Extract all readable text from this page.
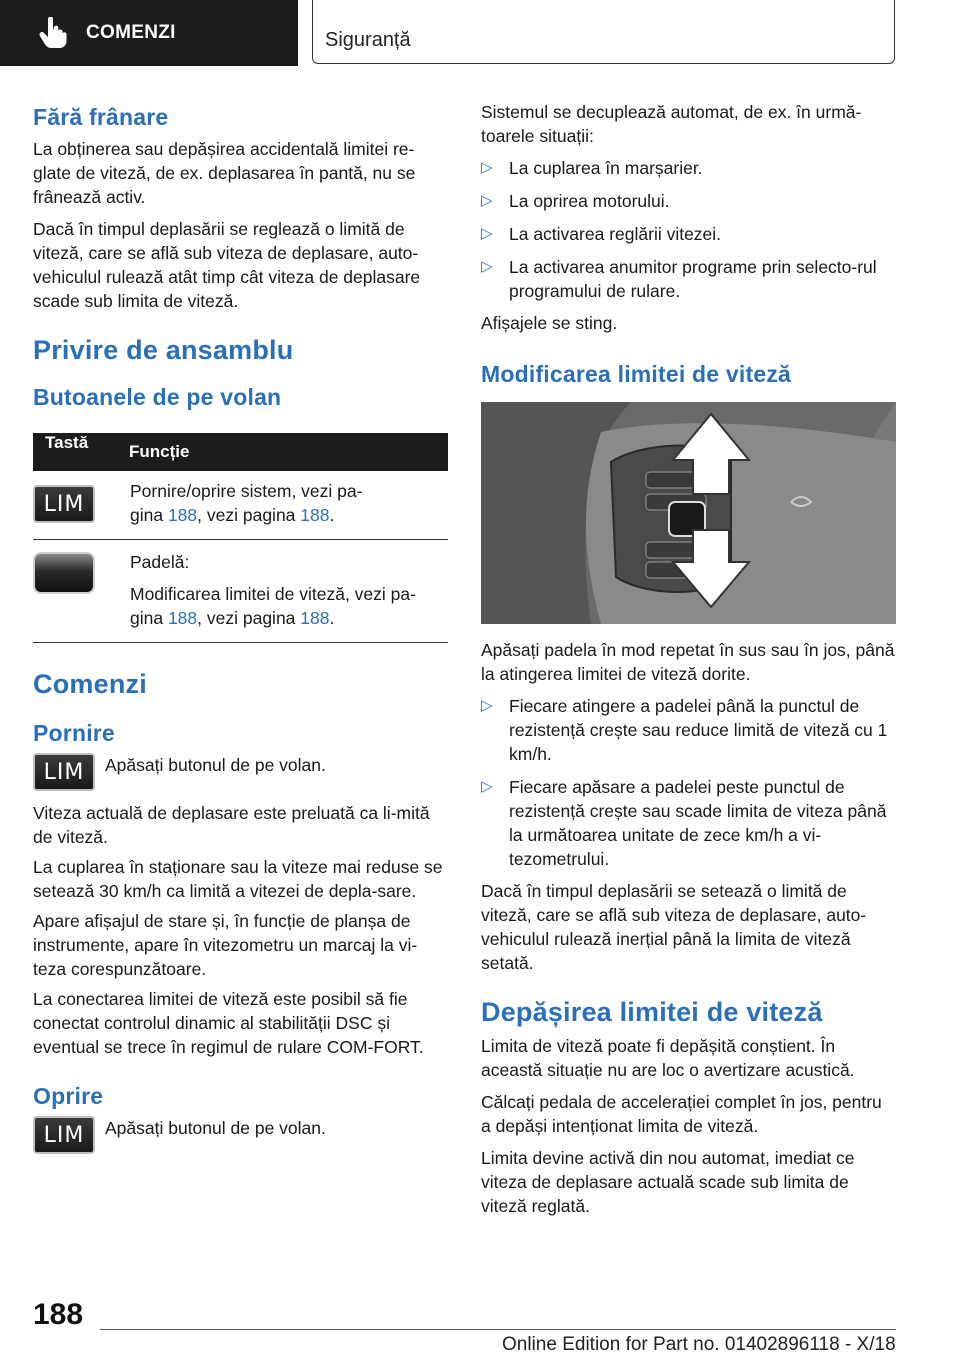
COMENZI	Siguranță
Fără frânare

La obținerea sau depășirea accidentală limitei re-glate de viteză, de ex. deplasarea în pantă, nu se frânează activ.

Dacă în timpul deplasării se reglează o limită de viteză, care se află sub viteza de deplasare, auto-vehiculul rulează atât timp cât viteza de deplasare scade sub limita de viteză.

Privire de ansamblu
Butoanele de pe volan
Tastă	Funcție

LIM	Pornire/oprire sistem, vezi pa-
gina 188, vezi pagina 188.

	Padelă:
Modificarea limitei de viteză, vezi pa-
gina 188, vezi pagina 188.
Comenzi
Pornire
LIM Apăsați butonul de pe volan.

Viteza actuală de deplasare este preluată ca li-mită de viteză.

La cuplarea în staționare sau la viteze mai reduse se setează 30 km/h ca limită a vitezei de depla-sare.

Apare afișajul de stare și, în funcție de planșa de instrumente, apare în vitezometru un marcaj la vi-teza corespunzătoare.

La conectarea limitei de viteză este posibil să fie conectat controlul dinamic al stabilității DSC și eventual se trece în regimul de rulare COM-FORT.

Oprire
LIM Apăsați butonul de pe volan.

Sistemul se decuplează automat, de ex. în urmă-toarele situații:

▷ La cuplarea în marșarier.
▷ La oprirea motorului.
▷ La activarea reglării vitezei.
▷ La activarea anumitor programe prin selecto-rul programului de rulare.

Afișajele se sting.

Modificarea limitei de viteză

Apăsați padela în mod repetat în sus sau în jos, până la atingerea limitei de viteză dorite.

▷ Fiecare atingere a padelei până la punctul de rezistență crește sau reduce limită de viteză cu 1 km/h.
▷ Fiecare apăsare a padelei peste punctul de rezistență crește sau scade limita de viteza până la următoarea unitate de zece km/h a vi-tezometrului.

Dacă în timpul deplasării se setează o limită de viteză, care se află sub viteza de deplasare, auto-vehiculul rulează inerțial până la limita de viteză setată.

Depășirea limitei de viteză

Limita de viteză poate fi depășită conștient. În această situație nu are loc o avertizare acustică.

Călcați pedala de accelerației complet în jos, pentru a depăși intenționat limita de viteză.

Limita devine activă din nou automat, imediat ce viteza de deplasare actuală scade sub limita de viteză reglată.

188
Online Edition for Part no. 01402896118 - X/18
